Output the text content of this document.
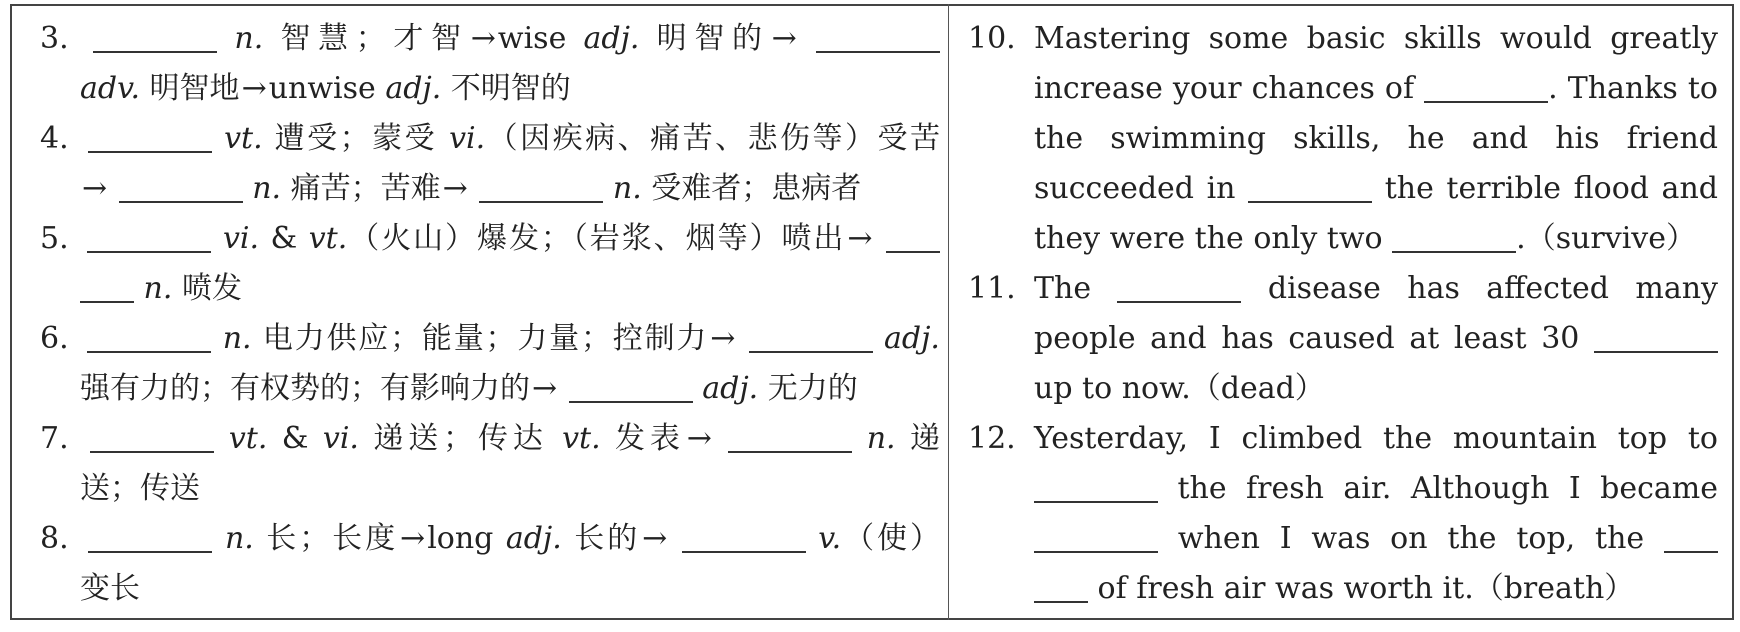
3.	n. 智慧；才智→wise adj. 明智的→
adv. 明智地→unwise adj. 不明智的
4.	vt. 遭受；蒙受 vi.（因疾病、痛苦、悲伤等）受苦
→	n. 痛苦；苦难→	n. 受难者；患病者
5.	vi. & vt.（火山）爆发；（岩浆、烟等）喷出→
n. 喷发
6.	n. 电力供应；能量；力量；控制力→	adj.
强有力的；有权势的；有影响力的→	adj. 无力的
7.	vt. & vi. 递送；传达 vt. 发表→	n. 递
送；传送
8.	n. 长；长度→long adj. 长的→	v.（使）
变长
10. Mastering some basic skills would greatly
increase your chances of	. Thanks to
the swimming skills, he and his friend
succeeded in	the terrible flood and
they were the only two	.（survive）
11. The	disease has affected many
people and has caused at least 30
up to now.（dead）
12. Yesterday, I climbed the mountain top to
the fresh air. Although I became
when I was on the top, the
of fresh air was worth it.（breath）
